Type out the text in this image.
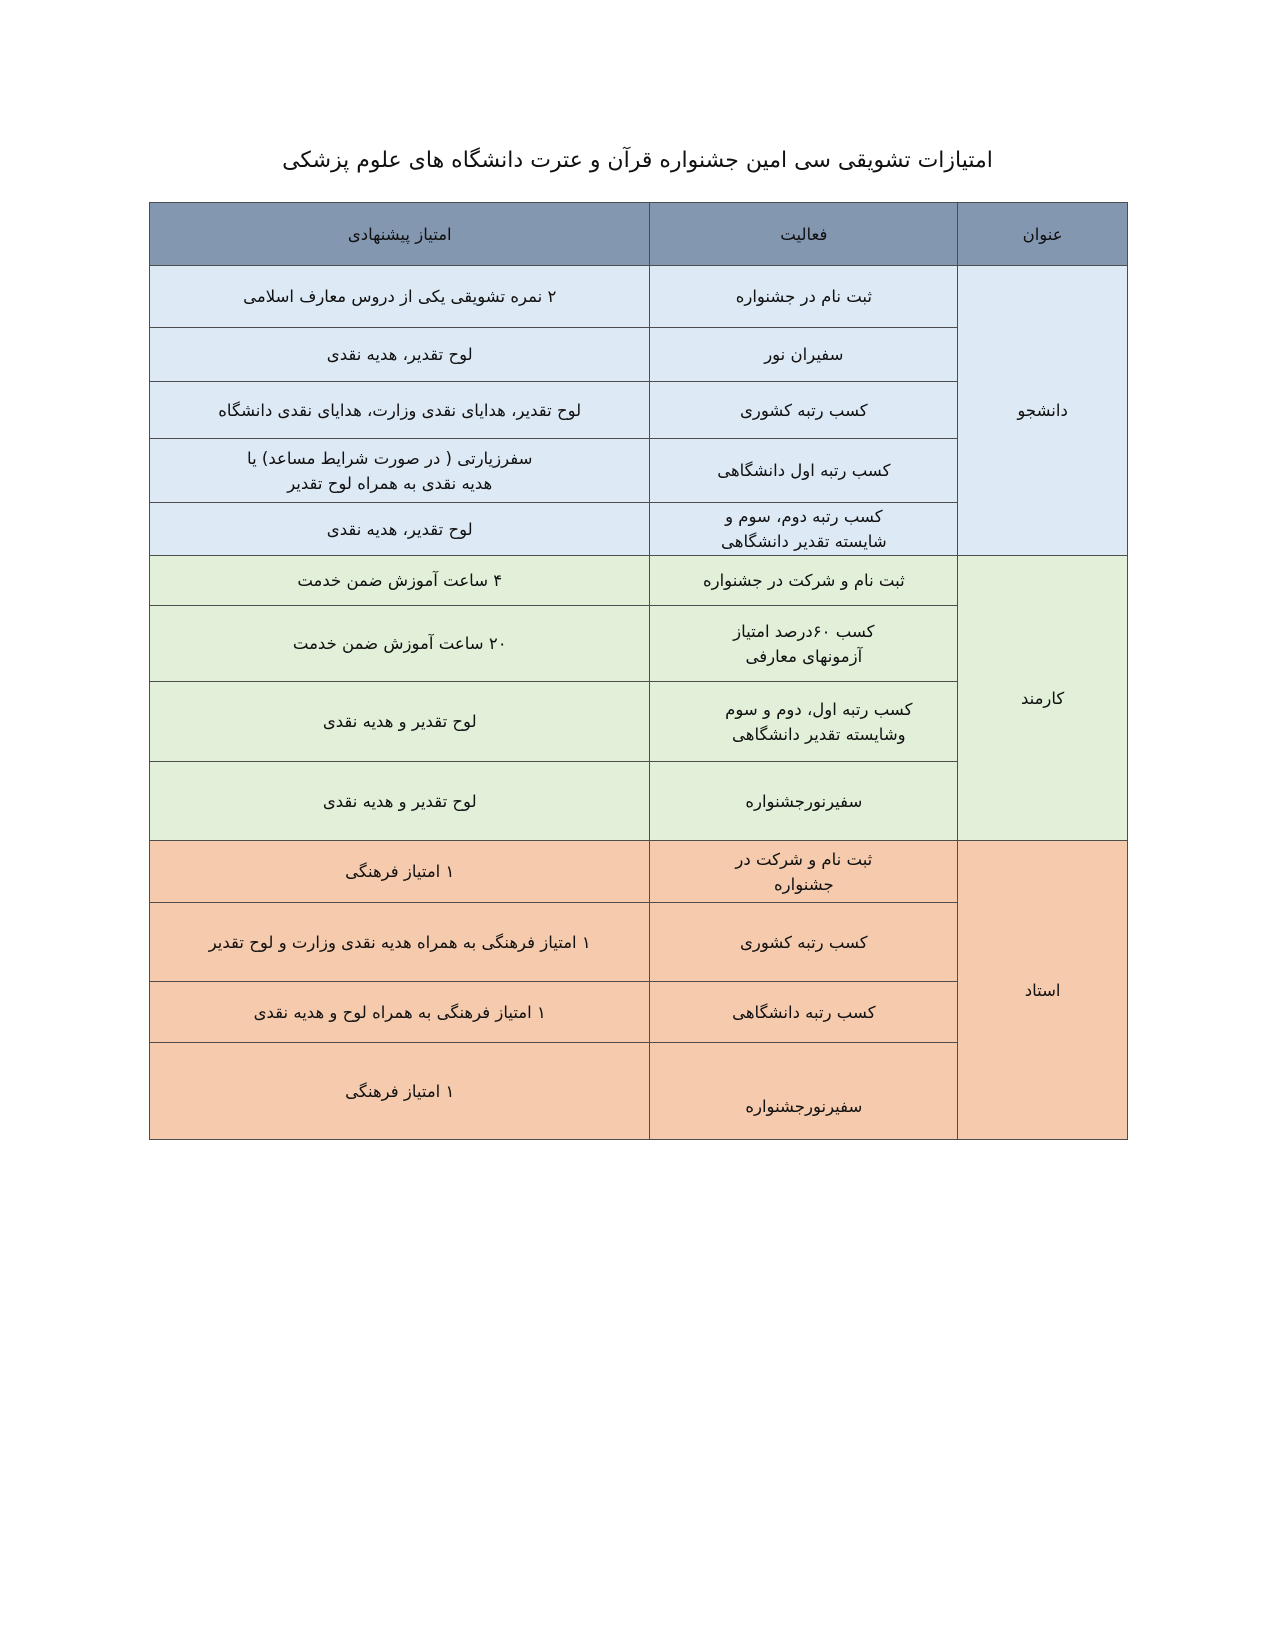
امتیازات تشویقی سی امین جشنواره قرآن و عترت دانشگاه های علوم پزشکی
عنوان	فعالیت	امتیاز پیشنهادی
دانشجو	ثبت نام در جشنواره	۲ نمره تشویقی یکی از دروس معارف اسلامی
	سفیران نور	لوح تقدیر، هدیه نقدی
	کسب رتبه کشوری	لوح تقدیر، هدایای نقدی وزارت، هدایای نقدی دانشگاه
	کسب رتبه اول دانشگاهی	سفرزیارتی ( در صورت شرایط مساعد) یا هدیه نقدی به همراه لوح تقدیر
	کسب رتبه دوم، سوم و شایسته تقدیر دانشگاهی	لوح تقدیر، هدیه نقدی
کارمند	ثبت نام و شرکت در جشنواره	۴ ساعت آموزش ضمن خدمت
	کسب ۶۰درصد امتیاز آزمونهای معارفی	۲۰ ساعت آموزش ضمن خدمت
	کسب رتبه اول، دوم و سوم وشایسته تقدیر دانشگاهی	لوح تقدیر و هدیه نقدی
	سفیرنورجشنواره	لوح تقدیر و هدیه نقدی
استاد	ثبت نام و شرکت در جشنواره	۱ امتیاز فرهنگی
	کسب رتبه کشوری	۱ امتیاز فرهنگی به همراه هدیه نقدی وزارت و لوح تقدیر
	کسب رتبه دانشگاهی	۱ امتیاز فرهنگی به همراه لوح و هدیه نقدی
	سفیرنورجشنواره	۱ امتیاز فرهنگی
